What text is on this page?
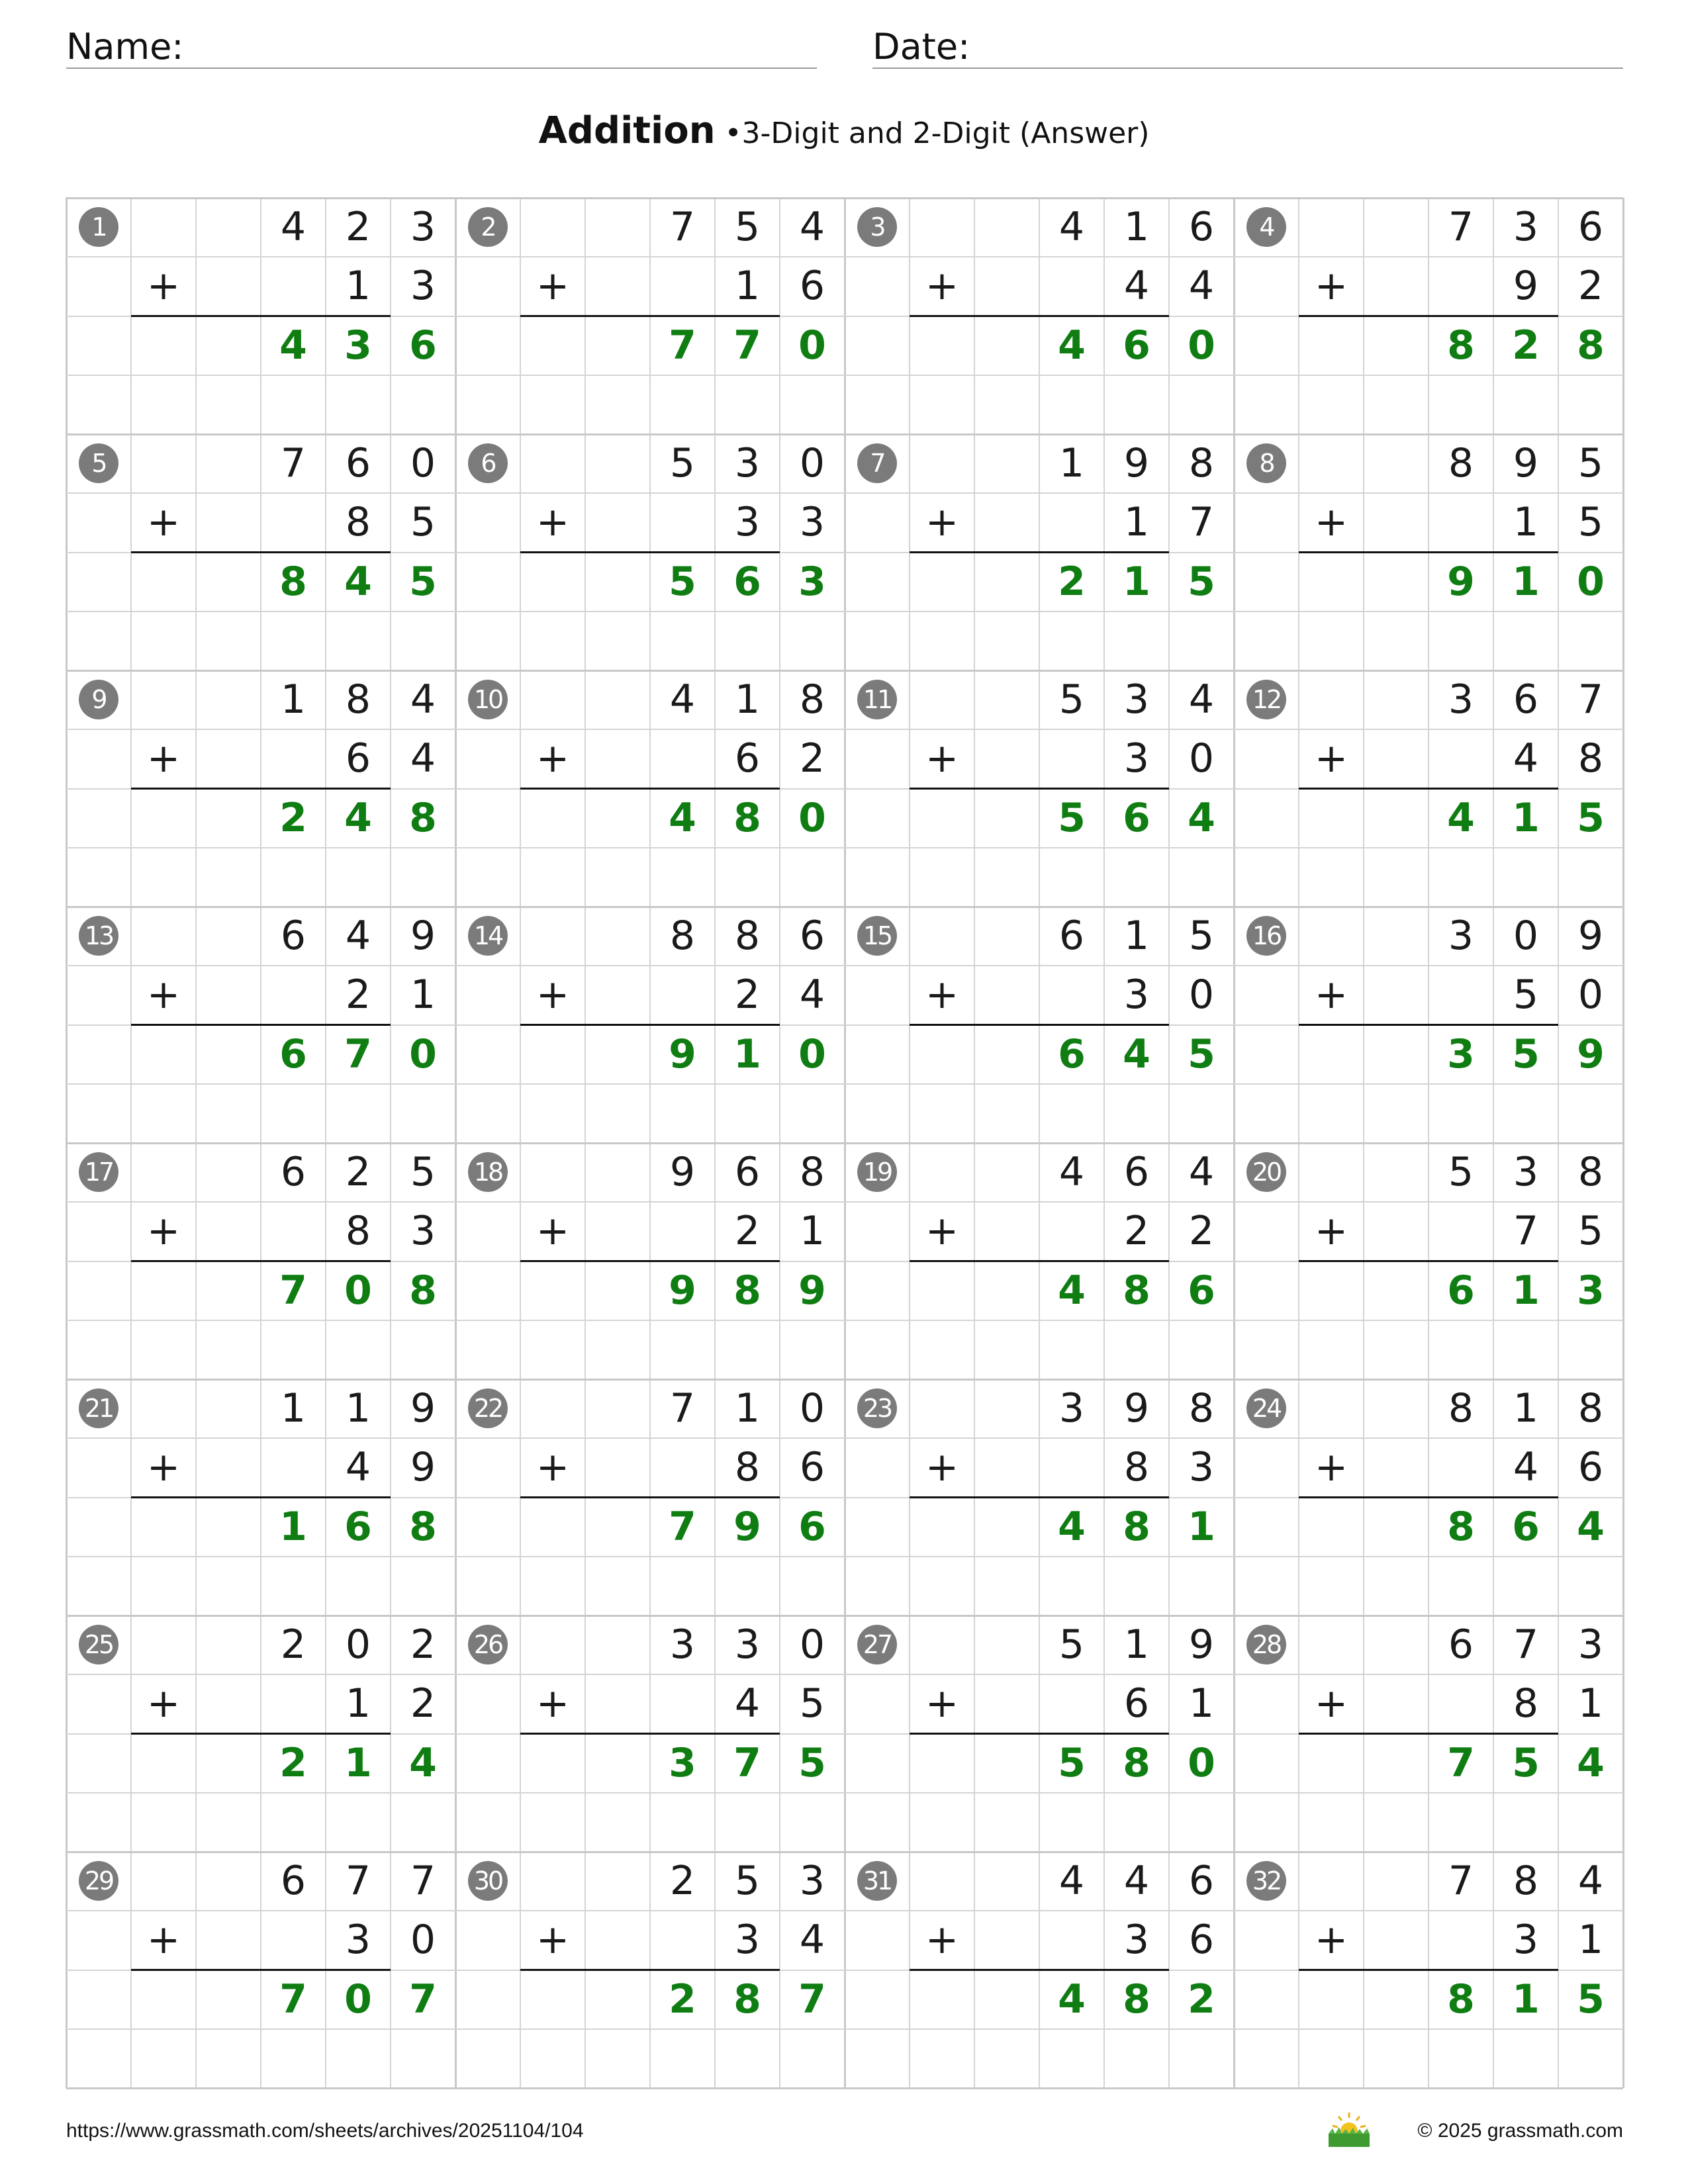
Name:	Date:
Addition •3-Digit and 2-Digit (Answer)
1	4 2 3
+	1 3
4 3 6
2	7 5 4
+	1 6
7 7 0
3	4 1 6
+	4 4
4 6 0
4	7 3 6
+	9 2
8 2 8
5	7 6 0
+	8 5
8 4 5
6	5 3 0
+	3 3
5 6 3
7	1 9 8
+	1 7
2 1 5
8	8 9 5
+	1 5
9 1 0
9	1 8 4
+	6 4
2 4 8
10	4 1 8
+	6 2
4 8 0
11	5 3 4
+	3 0
5 6 4
12	3 6 7
+	4 8
4 1 5
13	6 4 9
+	2 1
6 7 0
14	8 8 6
+	2 4
9 1 0
15	6 1 5
+	3 0
6 4 5
16	3 0 9
+	5 0
3 5 9
17	6 2 5
+	8 3
7 0 8
18	9 6 8
+	2 1
9 8 9
19	4 6 4
+	2 2
4 8 6
20	5 3 8
+	7 5
6 1 3
21	1 1 9
+	4 9
1 6 8
22	7 1 0
+	8 6
7 9 6
23	3 9 8
+	8 3
4 8 1
24	8 1 8
+	4 6
8 6 4
25	2 0 2
+	1 2
2 1 4
26	3 3 0
+	4 5
3 7 5
27	5 1 9
+	6 1
5 8 0
28	6 7 3
+	8 1
7 5 4
29	6 7 7
+	3 0
7 0 7
30	2 5 3
+	3 4
2 8 7
31	4 4 6
+	3 6
4 8 2
32	7 8 4
+	3 1
8 1 5
https://www.grassmath.com/sheets/archives/20251104/104	© 2025 grassmath.com
